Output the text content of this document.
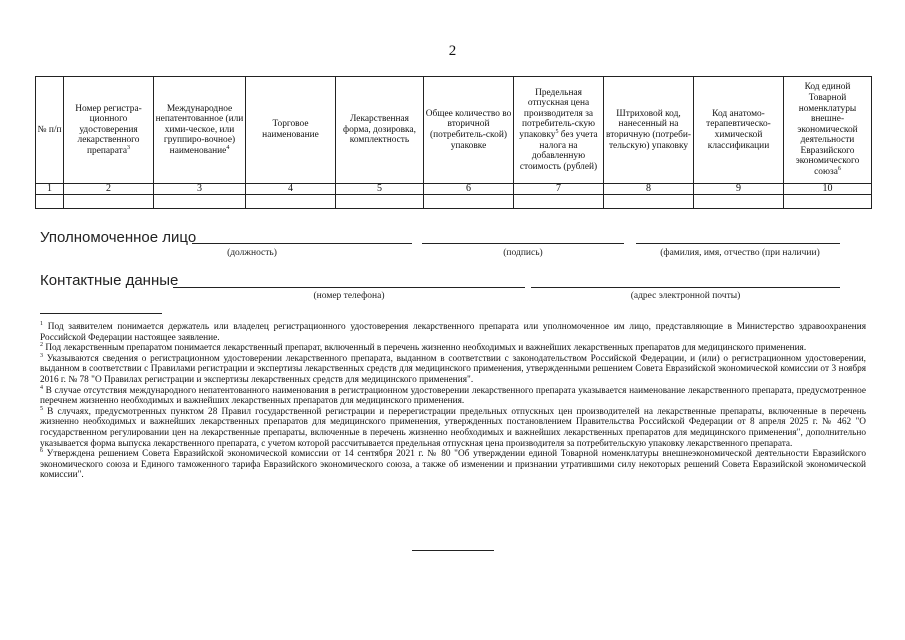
2
№ п/п	Номер регистра-ционного удостоверения лекарственного препарата$^3$	Международное непатентованное (или хими-ческое, или группиро-вочное) наименование$^4$	Торговое наименование	Лекарственная форма, дозировка, комплектность	Общее количество во вторичной (потребитель-ской) упаковке	Предельная отпускная цена производителя за потребитель-скую упаковку$^5$ без учета налога на добавленную стоимость (рублей)	Штриховой код, нанесенный на вторичную (потреби-тельскую) упаковку	Код анатомо-терапевтическо-химической классификации	Код единой Товарной номенклатуры внешне-экономической деятельности Евразийского экономического союза$^6$
1	2	3	4	5	6	7	8	9	10

Уполномоченное лицо
(должность)	(подпись)	(фамилия, имя, отчество (при наличии)
Контактные данные
(номер телефона)	(адрес электронной почты)

$^1$ Под заявителем понимается держатель или владелец регистрационного удостоверения лекарственного препарата или уполномоченное им лицо, представляющие в Министерство здравоохранения Российской Федерации настоящее заявление.

$^2$ Под лекарственным препаратом понимается лекарственный препарат, включенный в перечень жизненно необходимых и важнейших лекарственных препаратов для медицинского применения.

$^3$ Указываются сведения о регистрационном удостоверении лекарственного препарата, выданном в соответствии с законодательством Российской Федерации, и (или) о регистрационном удостоверении, выданном в соответствии с Правилами регистрации и экспертизы лекарственных средств для медицинского применения, утвержденными решением Совета Евразийской экономической комиссии от 3 ноября 2016 г. № 78 "О Правилах регистрации и экспертизы лекарственных средств для медицинского применения".

$^4$ В случае отсутствия международного непатентованного наименования в регистрационном удостоверении лекарственного препарата указывается наименование лекарственного препарата, предусмотренное перечнем жизненно необходимых и важнейших лекарственных препаратов для медицинского применения.

$^5$ В случаях, предусмотренных пунктом 28 Правил государственной регистрации и перерегистрации предельных отпускных цен производителей на лекарственные препараты, включенные в перечень жизненно необходимых и важнейших лекарственных препаратов для медицинского применения, утвержденных постановлением Правительства Российской Федерации от 8 апреля 2025 г. № 462 "О государственном регулировании цен на лекарственные препараты, включенные в перечень жизненно необходимых и важнейших лекарственных препаратов для медицинского применения", дополнительно указывается форма выпуска лекарственного препарата, с учетом которой рассчитывается предельная отпускная цена производителя за потребительскую упаковку лекарственного препарата.

$^6$ Утверждена решением Совета Евразийской экономической комиссии от 14 сентября 2021 г. № 80 "Об утверждении единой Товарной номенклатуры внешнеэкономической деятельности Евразийского экономического союза и Единого таможенного тарифа Евразийского экономического союза, а также об изменении и признании утратившими силу некоторых решений Совета Евразийской экономической комиссии".
